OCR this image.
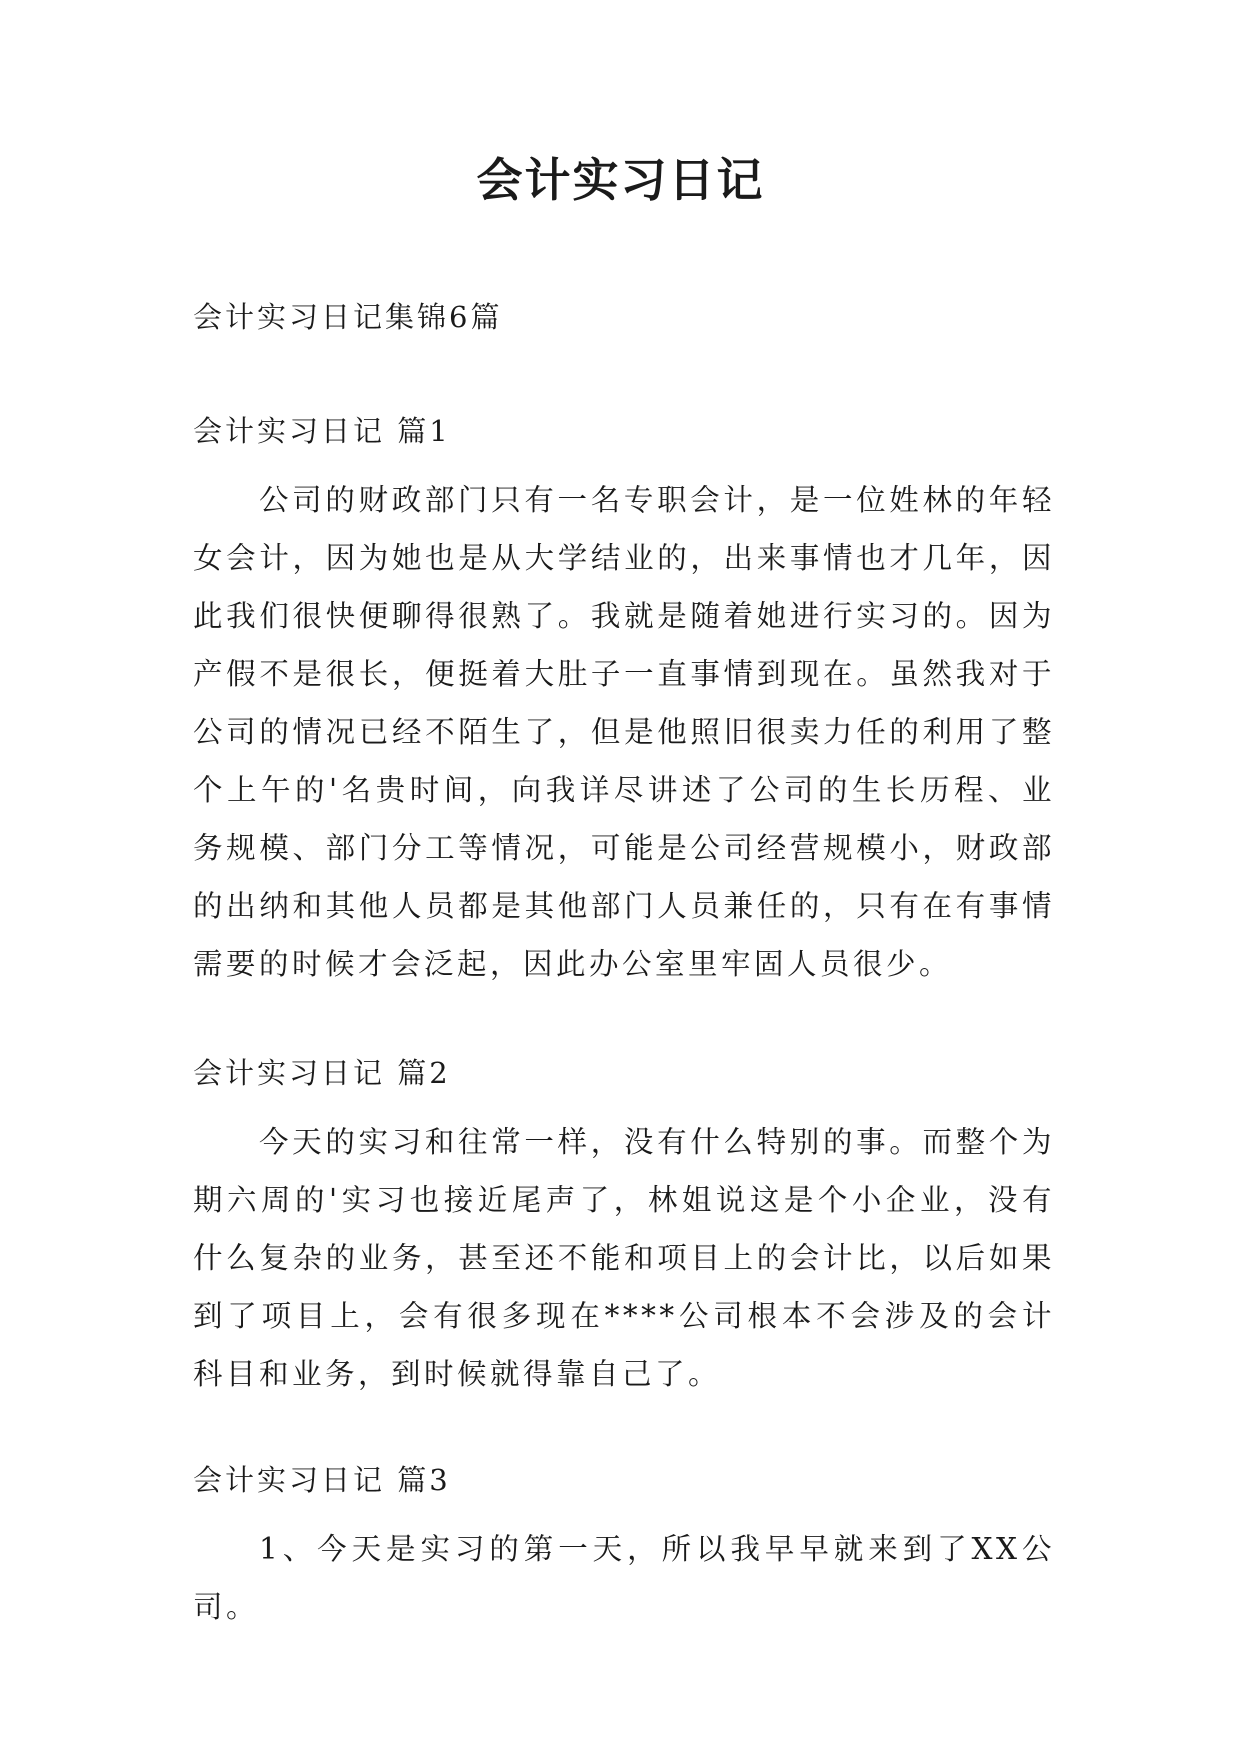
会计实习日记

会计实习日记集锦6篇

会计实习日记 篇1

公司的财政部门只有一名专职会计，是一位姓林的年轻女会计，因为她也是从大学结业的，出来事情也才几年，因此我们很快便聊得很熟了。我就是随着她进行实习的。因为产假不是很长，便挺着大肚子一直事情到现在。虽然我对于公司的情况已经不陌生了，但是他照旧很卖力任的利用了整个上午的'名贵时间，向我详尽讲述了公司的生长历程、业务规模、部门分工等情况，可能是公司经营规模小，财政部的出纳和其他人员都是其他部门人员兼任的，只有在有事情需要的时候才会泛起，因此办公室里牢固人员很少。

会计实习日记 篇2

今天的实习和往常一样，没有什么特别的事。而整个为期六周的'实习也接近尾声了，林姐说这是个小企业，没有什么复杂的业务，甚至还不能和项目上的会计比，以后如果到了项目上，会有很多现在****公司根本不会涉及的会计科目和业务，到时候就得靠自己了。

会计实习日记 篇3

1、今天是实习的第一天，所以我早早就来到了XX公司。
